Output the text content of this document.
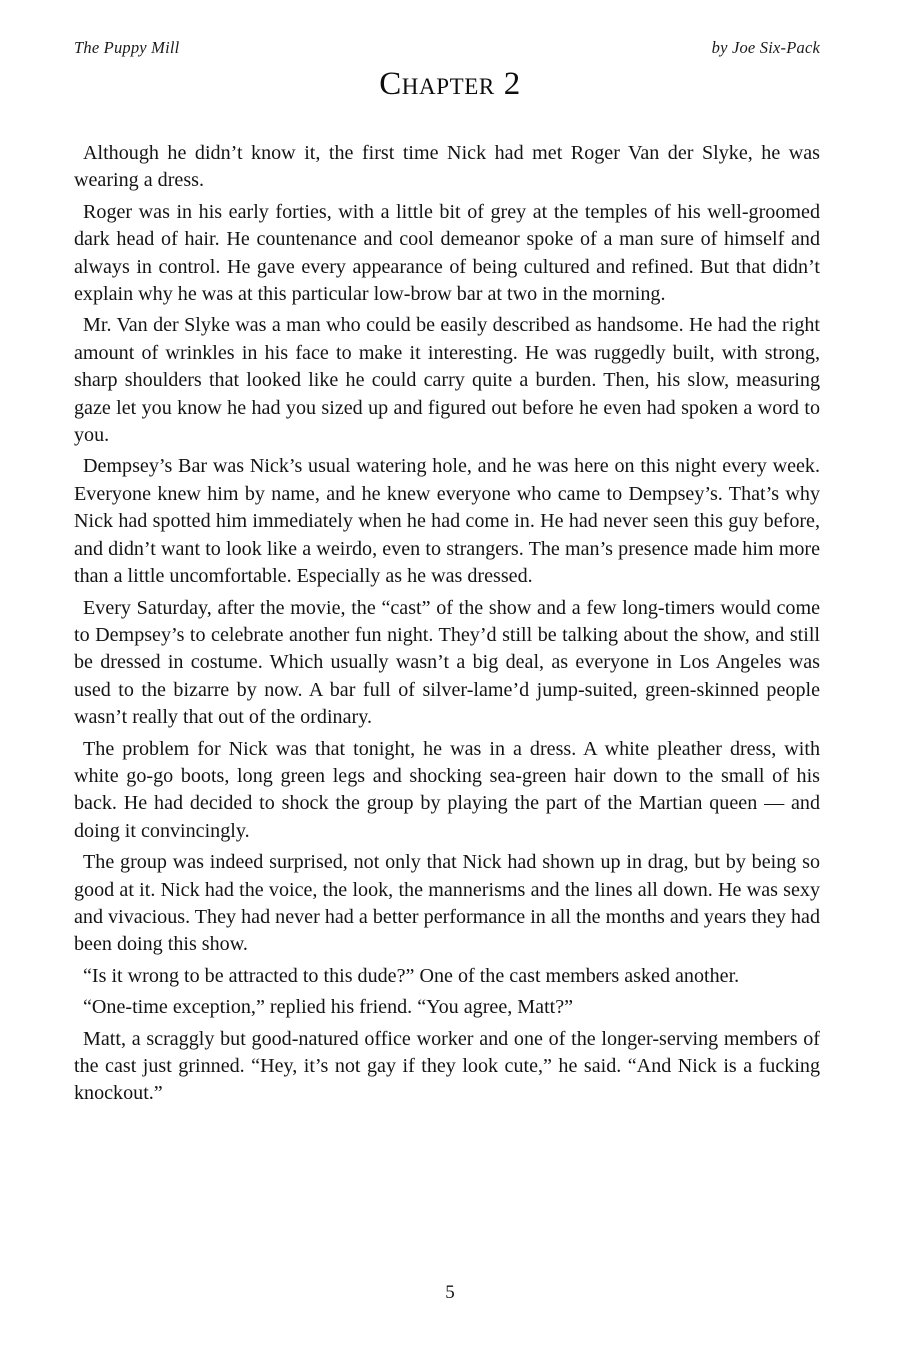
The Puppy Mill	by Joe Six-Pack
Chapter 2

Although he didn’t know it, the first time Nick had met Roger Van der Slyke, he was wearing a dress.

Roger was in his early forties, with a little bit of grey at the temples of his well-groomed dark head of hair. He countenance and cool demeanor spoke of a man sure of himself and always in control. He gave every appearance of being cultured and refined. But that didn’t explain why he was at this particular low-brow bar at two in the morning.

Mr. Van der Slyke was a man who could be easily described as handsome. He had the right amount of wrinkles in his face to make it interesting. He was ruggedly built, with strong, sharp shoulders that looked like he could carry quite a burden. Then, his slow, measuring gaze let you know he had you sized up and figured out before he even had spoken a word to you.

Dempsey’s Bar was Nick’s usual watering hole, and he was here on this night every week. Everyone knew him by name, and he knew everyone who came to Dempsey’s. That’s why Nick had spotted him immediately when he had come in. He had never seen this guy before, and didn’t want to look like a weirdo, even to strangers. The man’s presence made him more than a little uncomfortable. Especially as he was dressed.

Every Saturday, after the movie, the “cast” of the show and a few long-timers would come to Dempsey’s to celebrate another fun night. They’d still be talking about the show, and still be dressed in costume. Which usually wasn’t a big deal, as everyone in Los Angeles was used to the bizarre by now. A bar full of silver-lame’d jump-suited, green-skinned people wasn’t really that out of the ordinary.

The problem for Nick was that tonight, he was in a dress. A white pleather dress, with white go-go boots, long green legs and shocking sea-green hair down to the small of his back. He had decided to shock the group by playing the part of the Martian queen — and doing it convincingly.

The group was indeed surprised, not only that Nick had shown up in drag, but by being so good at it. Nick had the voice, the look, the mannerisms and the lines all down. He was sexy and vivacious. They had never had a better performance in all the months and years they had been doing this show.

“Is it wrong to be attracted to this dude?” One of the cast members asked another.

“One-time exception,” replied his friend. “You agree, Matt?”

Matt, a scraggly but good-natured office worker and one of the longer-serving members of the cast just grinned. “Hey, it’s not gay if they look cute,” he said. “And Nick is a fucking knockout.”

5
